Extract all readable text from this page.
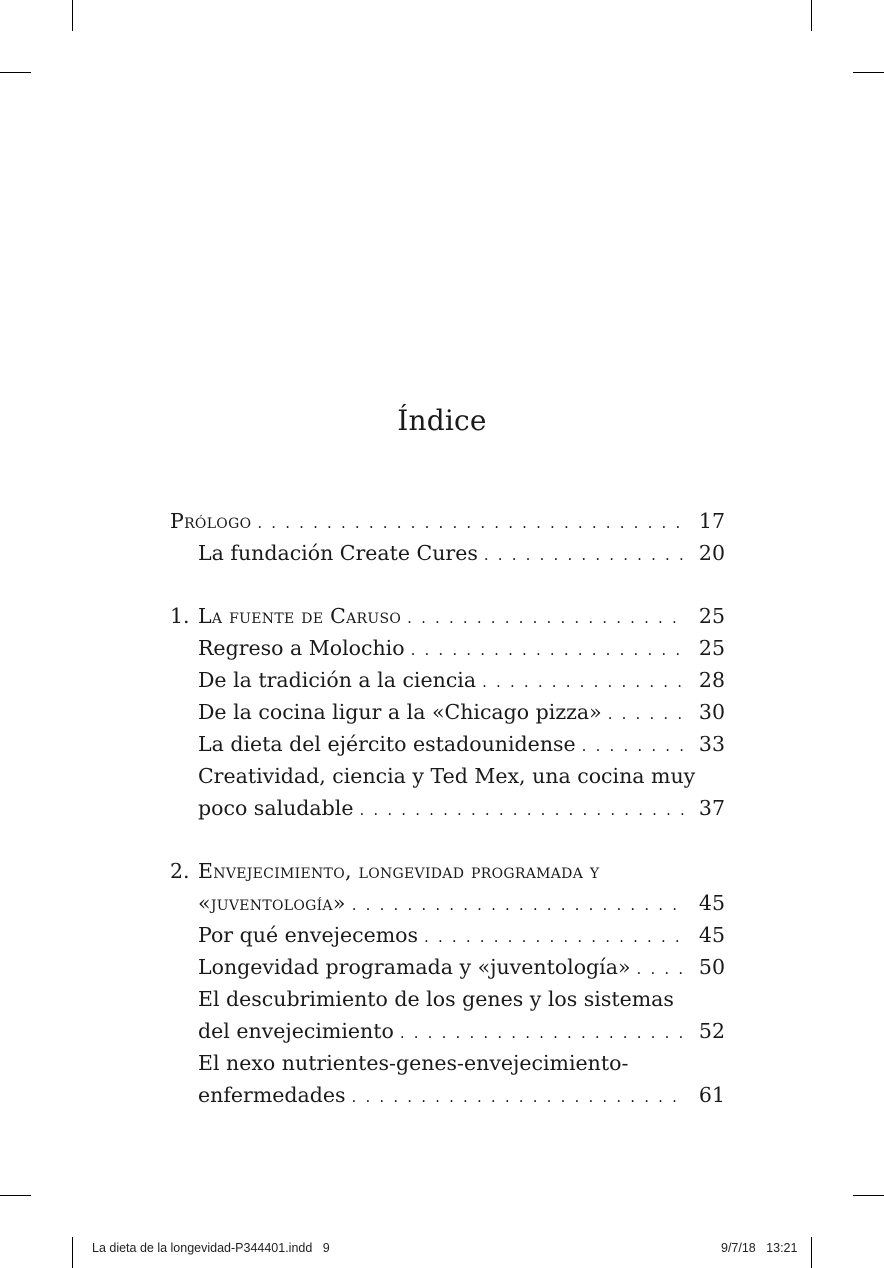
Índice
Prólogo . . .	17
La fundación Create Cures . . .	20
1. La fuente de Caruso . . .	25
Regreso a Molochio . . .	25
De la tradición a la ciencia . . .	28
De la cocina ligur a la «Chicago pizza» . . .	30
La dieta del ejército estadounidense . . .	33
Creatividad, ciencia y Ted Mex, una cocina muy
poco saludable . . .	37
2. Envejecimiento, longevidad programada y
«juventología» . . .	45
Por qué envejecemos . . .	45
Longevidad programada y «juventología» . . .	50
El descubrimiento de los genes y los sistemas
del envejecimiento . . .	52
El nexo nutrientes-genes-envejecimiento-
enfermedades . . .	61
La dieta de la longevidad-P344401.indd   9	9/7/18   13:21
